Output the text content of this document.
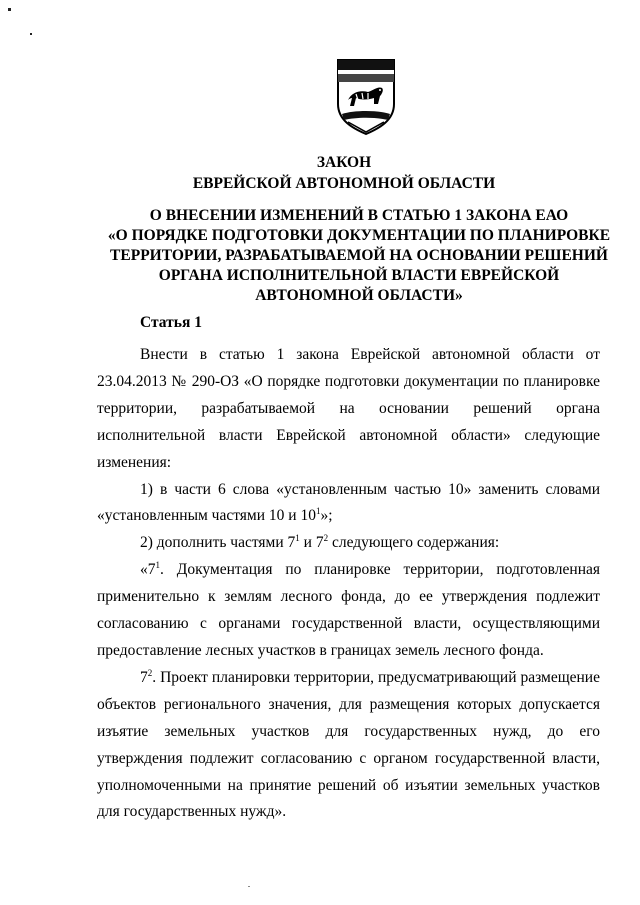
ЗАКОН
ЕВРЕЙСКОЙ АВТОНОМНОЙ ОБЛАСТИ
О ВНЕСЕНИИ ИЗМЕНЕНИЙ В СТАТЬЮ 1 ЗАКОНА ЕАО
«О ПОРЯДКЕ ПОДГОТОВКИ ДОКУМЕНТАЦИИ ПО ПЛАНИРОВКЕ
ТЕРРИТОРИИ, РАЗРАБАТЫВАЕМОЙ НА ОСНОВАНИИ РЕШЕНИЙ
ОРГАНА ИСПОЛНИТЕЛЬНОЙ ВЛАСТИ ЕВРЕЙСКОЙ
АВТОНОМНОЙ ОБЛАСТИ»
Статья 1

Внести в статью 1 закона Еврейской автономной области от 23.04.2013 № 290-ОЗ «О порядке подготовки документации по планировке территории, разрабатываемой на основании решений органа исполнительной власти Еврейской автономной области» следующие изменения:

1) в части 6 слова «установленным частью 10» заменить словами «установленным частями 10 и $10^1$»;

2) дополнить частями $7^1$ и $7^2$ следующего содержания:

«$7^1$. Документация по планировке территории, подготовленная применительно к землям лесного фонда, до ее утверждения подлежит согласованию с органами государственной власти, осуществляющими предоставление лесных участков в границах земель лесного фонда.

$7^2$. Проект планировки территории, предусматривающий размещение объектов регионального значения, для размещения которых допускается изъятие земельных участков для государственных нужд, до его утверждения подлежит согласованию с органом государственной власти, уполномоченными на принятие решений об изъятии земельных участков для государственных нужд».
